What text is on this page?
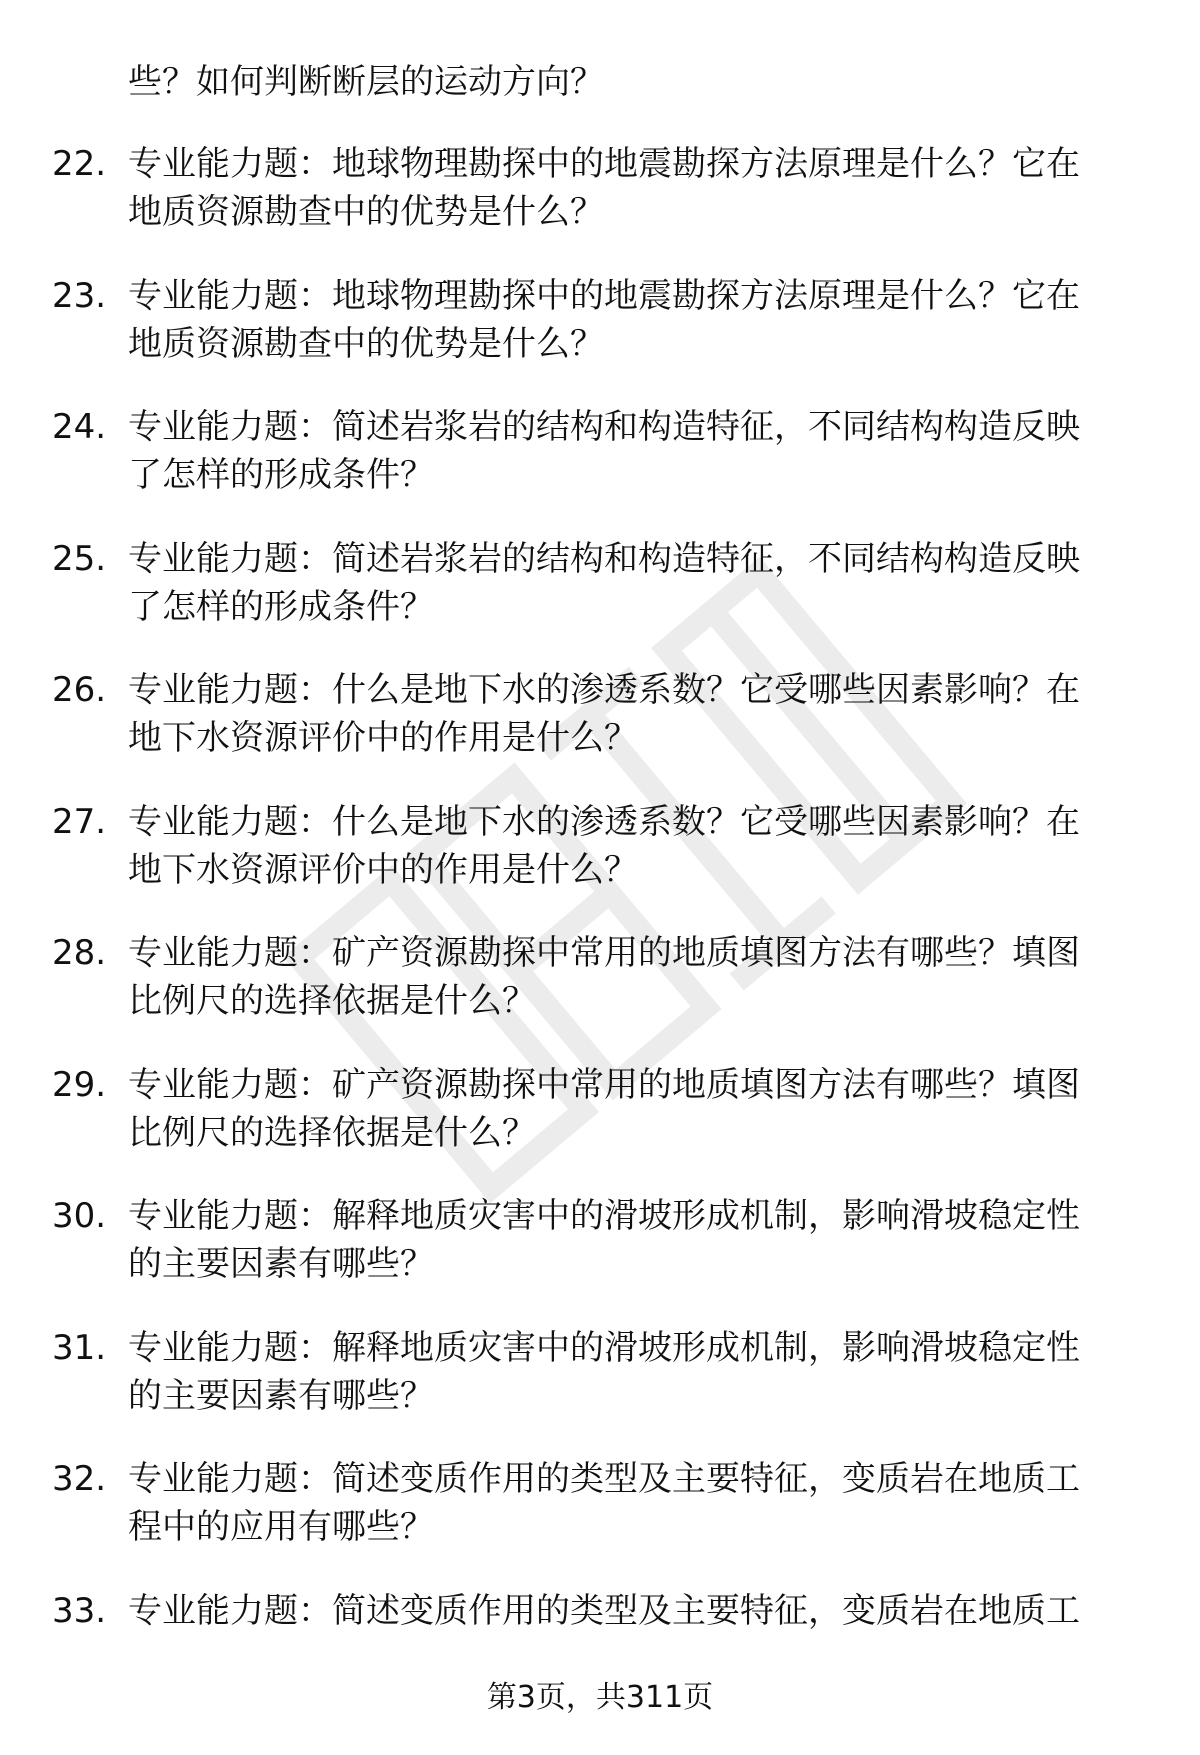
些？如何判断断层的运动方向？

22. 专业能力题：地球物理勘探中的地震勘探方法原理是什么？它在
地质资源勘查中的优势是什么？
23. 专业能力题：地球物理勘探中的地震勘探方法原理是什么？它在
地质资源勘查中的优势是什么？
24. 专业能力题：简述岩浆岩的结构和构造特征，不同结构构造反映
了怎样的形成条件？
25. 专业能力题：简述岩浆岩的结构和构造特征，不同结构构造反映
了怎样的形成条件？
26. 专业能力题：什么是地下水的渗透系数？它受哪些因素影响？在
地下水资源评价中的作用是什么？
27. 专业能力题：什么是地下水的渗透系数？它受哪些因素影响？在
地下水资源评价中的作用是什么？
28. 专业能力题：矿产资源勘探中常用的地质填图方法有哪些？填图
比例尺的选择依据是什么？
29. 专业能力题：矿产资源勘探中常用的地质填图方法有哪些？填图
比例尺的选择依据是什么？
30. 专业能力题：解释地质灾害中的滑坡形成机制，影响滑坡稳定性
的主要因素有哪些？
31. 专业能力题：解释地质灾害中的滑坡形成机制，影响滑坡稳定性
的主要因素有哪些？
32. 专业能力题：简述变质作用的类型及主要特征，变质岩在地质工
程中的应用有哪些？
33. 专业能力题：简述变质作用的类型及主要特征，变质岩在地质工
第3页，共311页
